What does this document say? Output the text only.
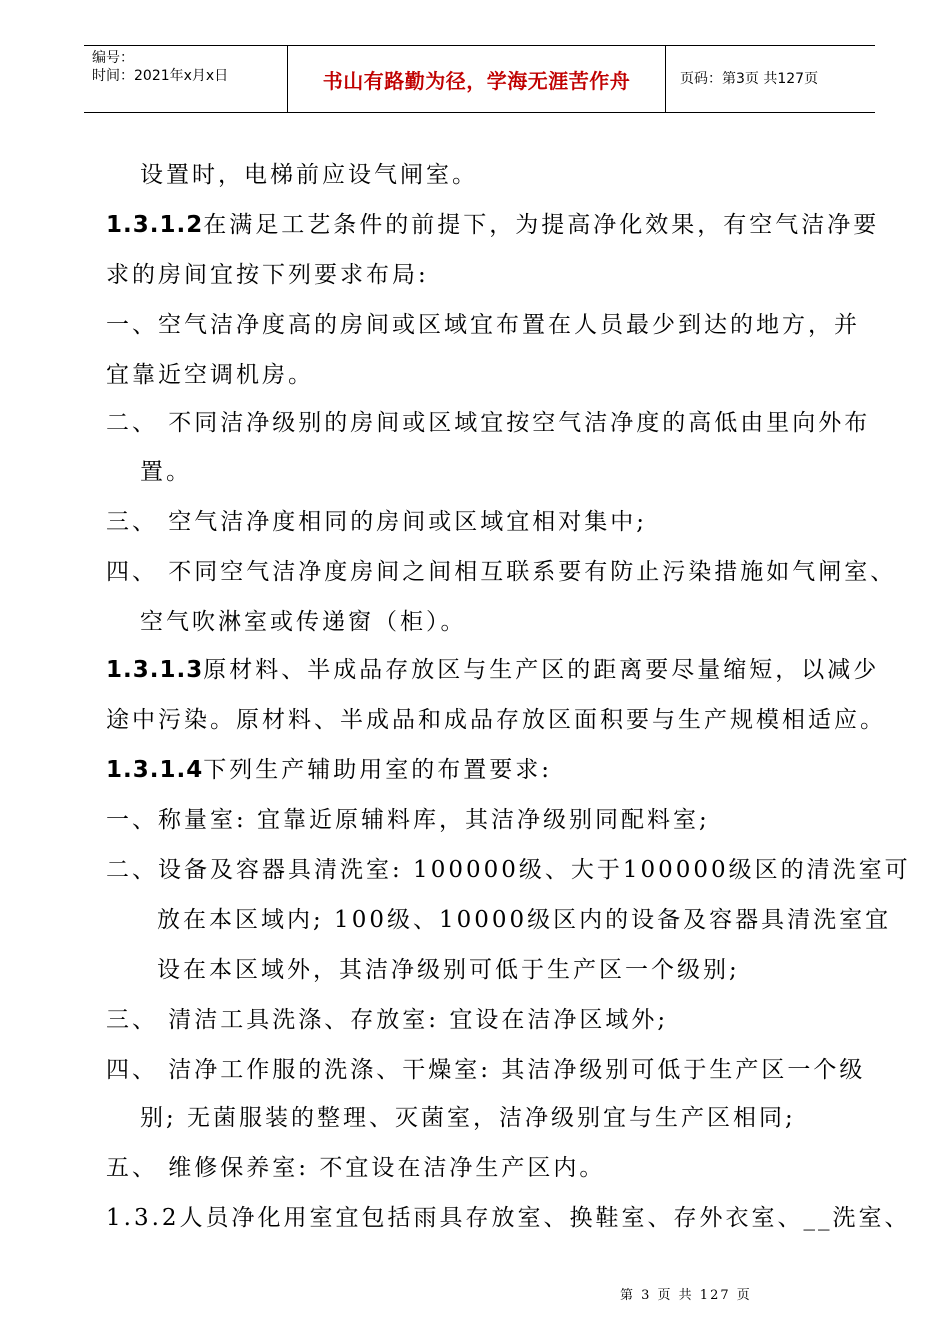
编号：
时间：2021年x月x日	书山有路勤为径，学海无涯苦作舟	页码：第3页 共127页
设置时，电梯前应设气闸室。
1.3.1.2在满足工艺条件的前提下，为提高净化效果，有空气洁净要
求的房间宜按下列要求布局:
一、空气洁净度高的房间或区域宜布置在人员最少到达的地方，并
宜靠近空调机房。
二、 不同洁净级别的房间或区域宜按空气洁净度的高低由里向外布
置。
三、 空气洁净度相同的房间或区域宜相对集中;
四、 不同空气洁净度房间之间相互联系要有防止污染措施如气闸室、
空气吹淋室或传递窗（柜）。
1.3.1.3原材料、半成品存放区与生产区的距离要尽量缩短，以减少
途中污染。原材料、半成品和成品存放区面积要与生产规模相适应。
1.3.1.4下列生产辅助用室的布置要求:
一、称量室: 宜靠近原辅料库，其洁净级别同配料室;
二、设备及容器具清洗室: 100000级、大于100000级区的清洗室可
放在本区域内; 100级、10000级区内的设备及容器具清洗室宜
设在本区域外，其洁净级别可低于生产区一个级别;
三、 清洁工具洗涤、存放室: 宜设在洁净区域外;
四、 洁净工作服的洗涤、干燥室: 其洁净级别可低于生产区一个级
别; 无菌服装的整理、灭菌室，洁净级别宜与生产区相同;
五、 维修保养室: 不宜设在洁净生产区内。
1.3.2人员净化用室宜包括雨具存放室、换鞋室、存外衣室、__洗室、
第 3 页 共 127 页
